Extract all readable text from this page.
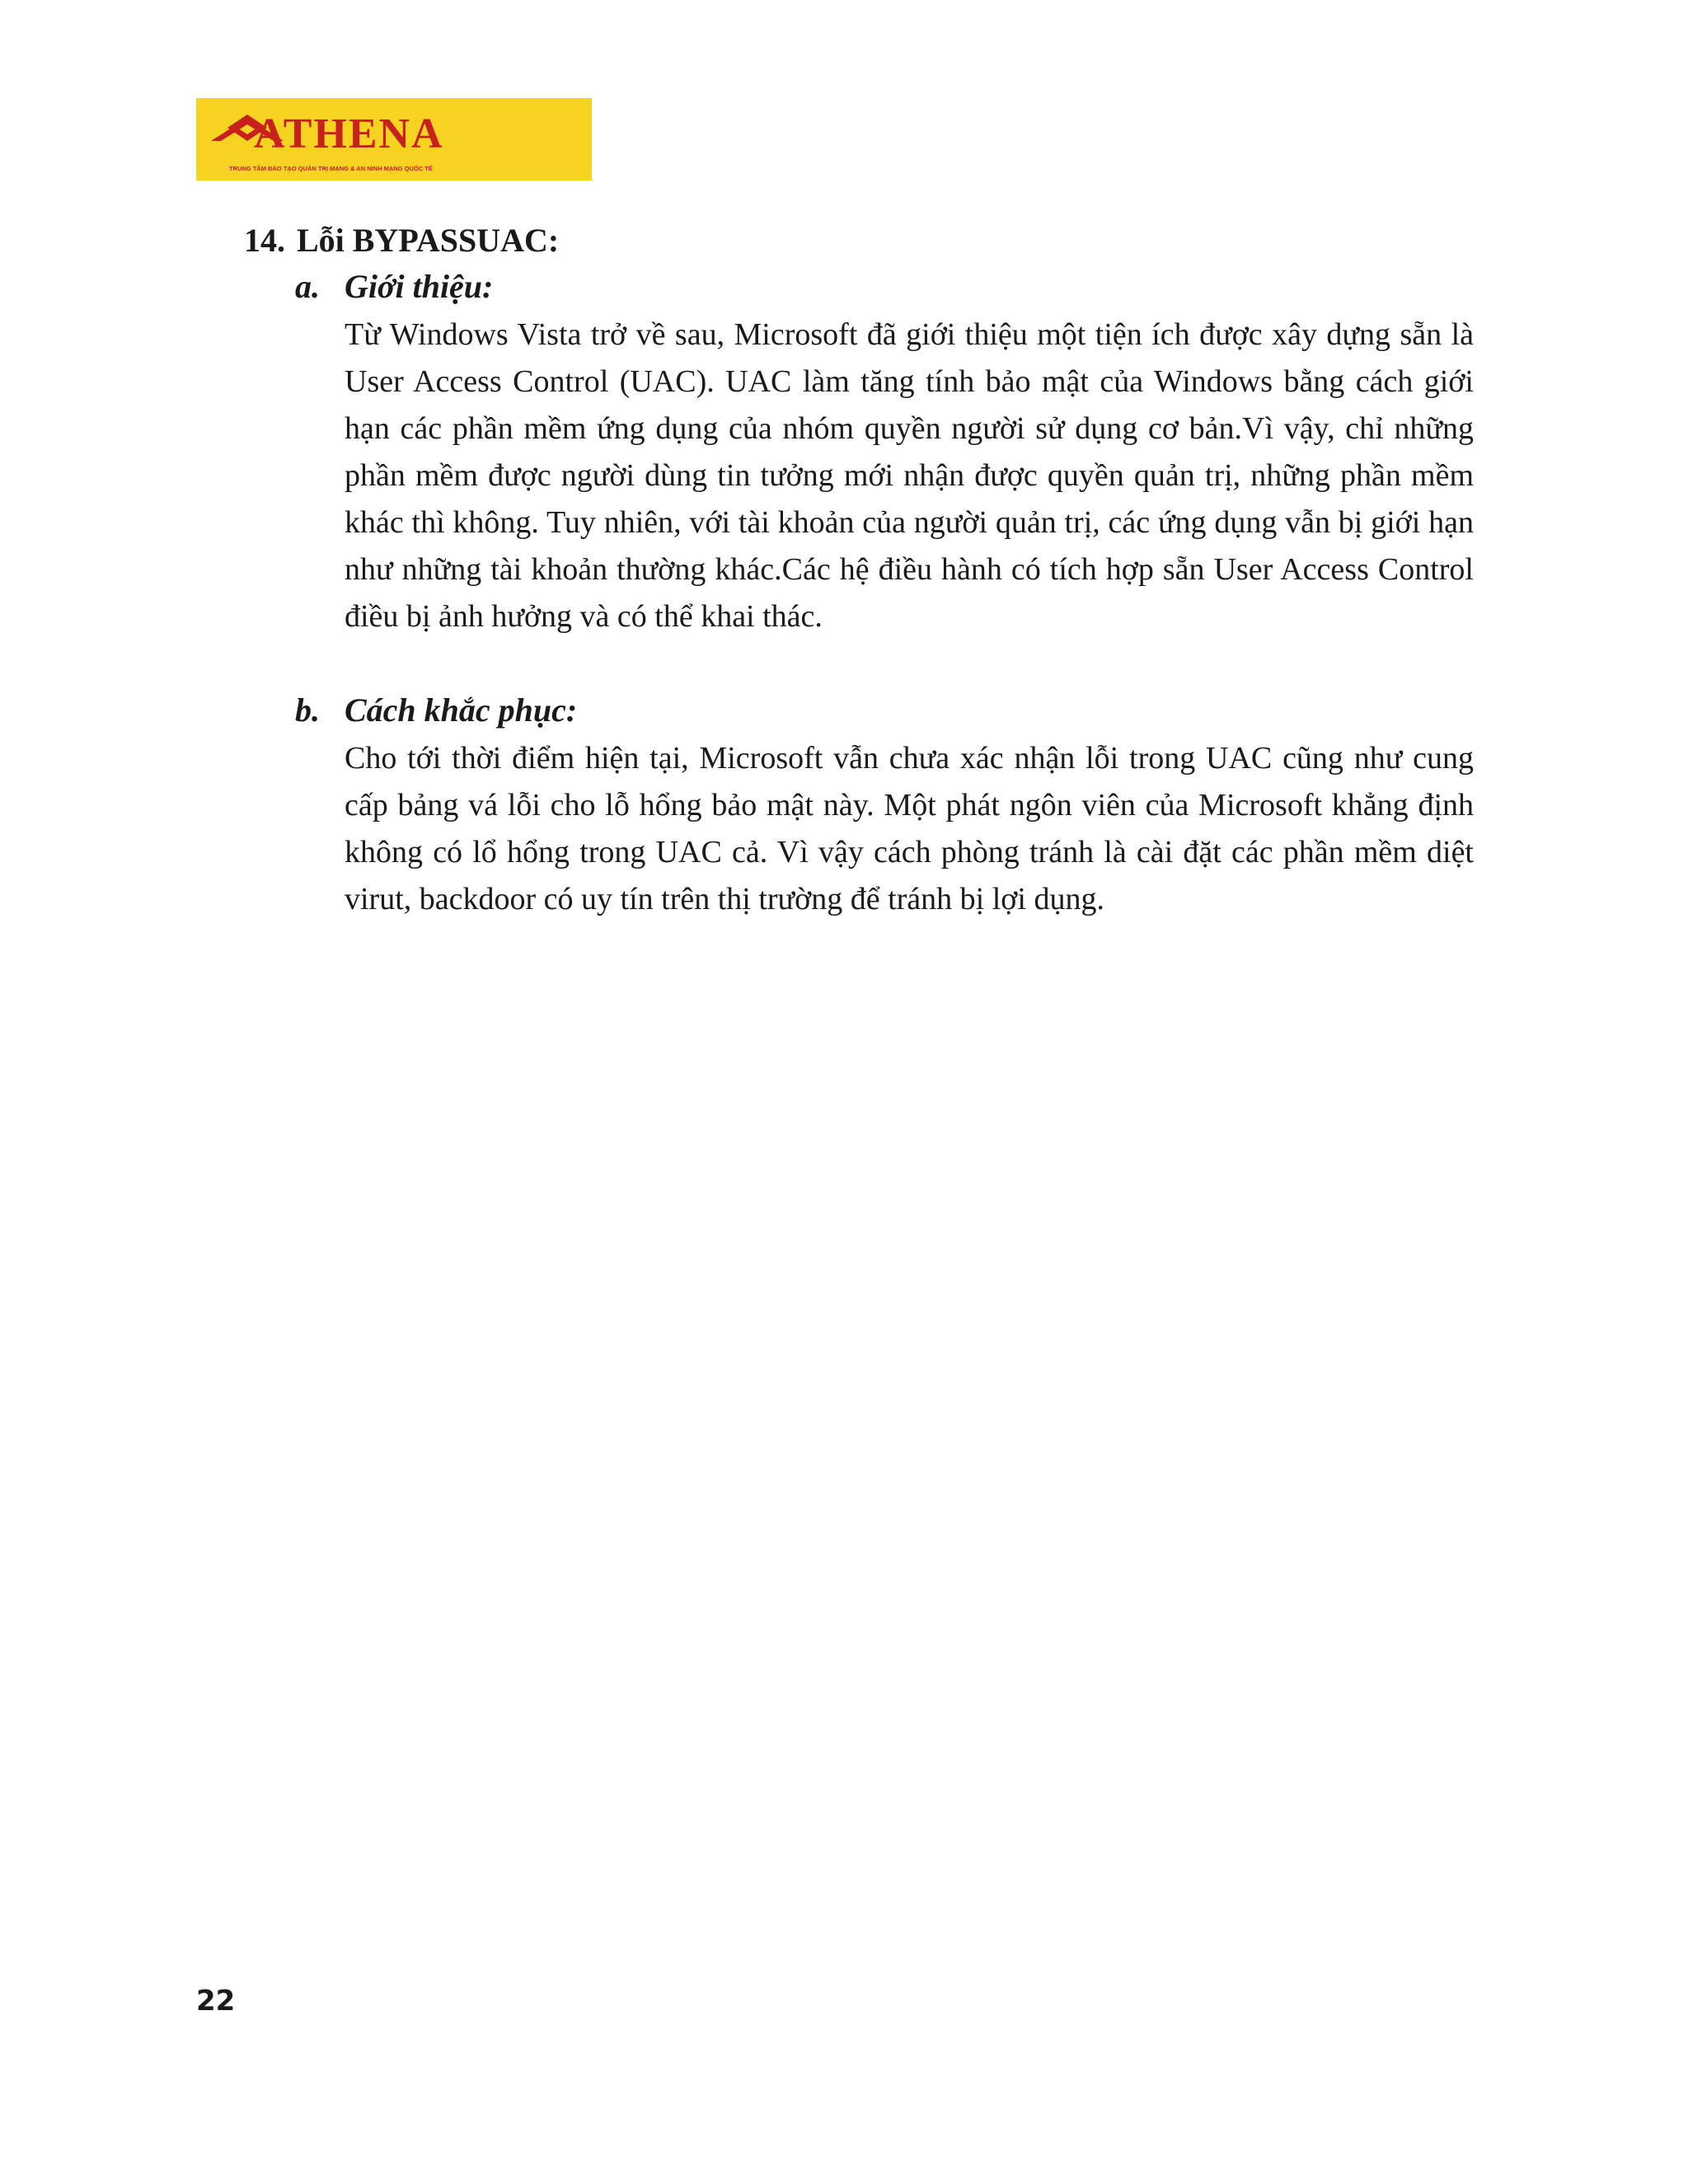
ATHENA
TRUNG TÂM ĐÀO TẠO QUẢN TRỊ MẠNG & AN NINH MẠNG QUỐC TẾ
14. Lỗi BYPASSUAC:
a. Giới thiệu:

Từ Windows Vista trở về sau, Microsoft đã giới thiệu một tiện ích được xây dựng sẵn là User Access Control (UAC). UAC làm tăng tính bảo mật của Windows bằng cách giới hạn các phần mềm ứng dụng của nhóm quyền người sử dụng cơ bản.Vì vậy, chỉ những phần mềm được người dùng tin tưởng mới nhận được quyền quản trị, những phần mềm khác thì không. Tuy nhiên, với tài khoản của người quản trị, các ứng dụng vẫn bị giới hạn như những tài khoản thường khác.Các hệ điều hành có tích hợp sẵn User Access Control điều bị ảnh hưởng và có thể khai thác.

b. Cách khắc phục:

Cho tới thời điểm hiện tại, Microsoft vẫn chưa xác nhận lỗi trong UAC cũng như cung cấp bảng vá lỗi cho lỗ hổng bảo mật này. Một phát ngôn viên của Microsoft khẳng định không có lổ hổng trong UAC cả. Vì vậy cách phòng tránh là cài đặt các phần mềm diệt virut, backdoor có uy tín trên thị trường để tránh bị lợi dụng.

22
